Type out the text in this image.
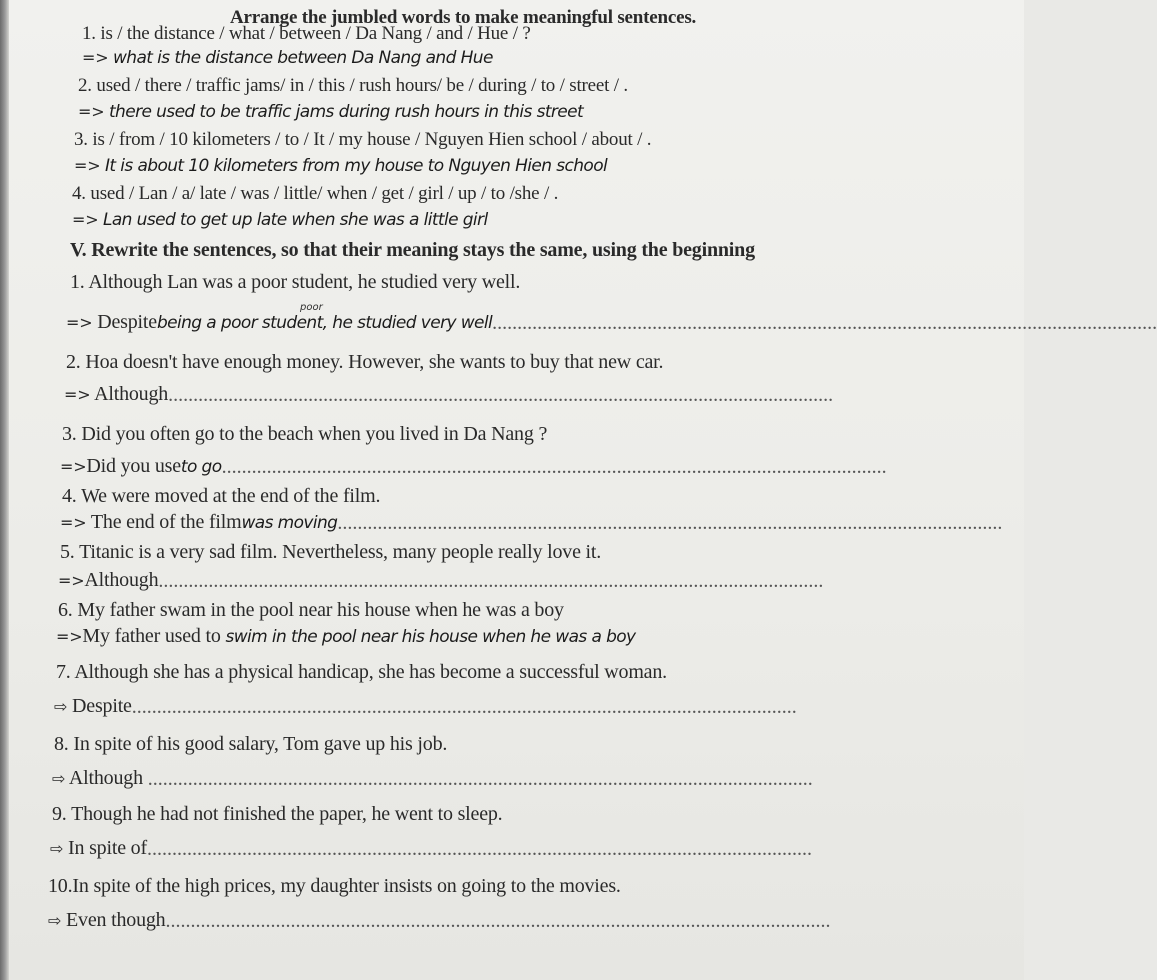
Arrange the jumbled words to make meaningful sentences.
1. is / the distance / what / between / Da Nang / and / Hue / ?
=> what is the distance between Da Nang and Hue
2. used / there / traffic jams/ in / this / rush hours/ be / during / to / street / .
=> there used to be traffic jams during rush hours in this street
3. is / from / 10 kilometers / to / It / my house / Nguyen Hien school / about / .
=> It is about 10 kilometers from my house to Nguyen Hien school
4. used / Lan / a/ late / was / little/ when / get / girl / up / to /she / .
=> Lan used to get up late when she was a little girl
V. Rewrite the sentences, so that their meaning stays the same, using the beginning
1. Although Lan was a poor student, he studied very well.
poor
=> Despitebeing a poor student, he studied very well.....................................................................................................................................
2. Hoa doesn't have enough money. However, she wants to buy that new car.
=> Although.....................................................................................................................................
3. Did you often go to the beach when you lived in Da Nang ?
=>Did you useto go.....................................................................................................................................
4. We were moved at the end of the film.
=> The end of the filmwas moving.....................................................................................................................................
5. Titanic is a very sad film. Nevertheless, many people really love it.
=>Although.....................................................................................................................................
6. My father swam in the pool near his house when he was a boy
=>My father used to swim in the pool near his house when he was a boy
7. Although she has a physical handicap, she has become a successful woman.
⇨ Despite.....................................................................................................................................
8. In spite of his good salary, Tom gave up his job.
⇨ Although .....................................................................................................................................
9. Though he had not finished the paper, he went to sleep.
⇨ In spite of.....................................................................................................................................
10.In spite of the high prices, my daughter insists on going to the movies.
⇨ Even though.....................................................................................................................................
